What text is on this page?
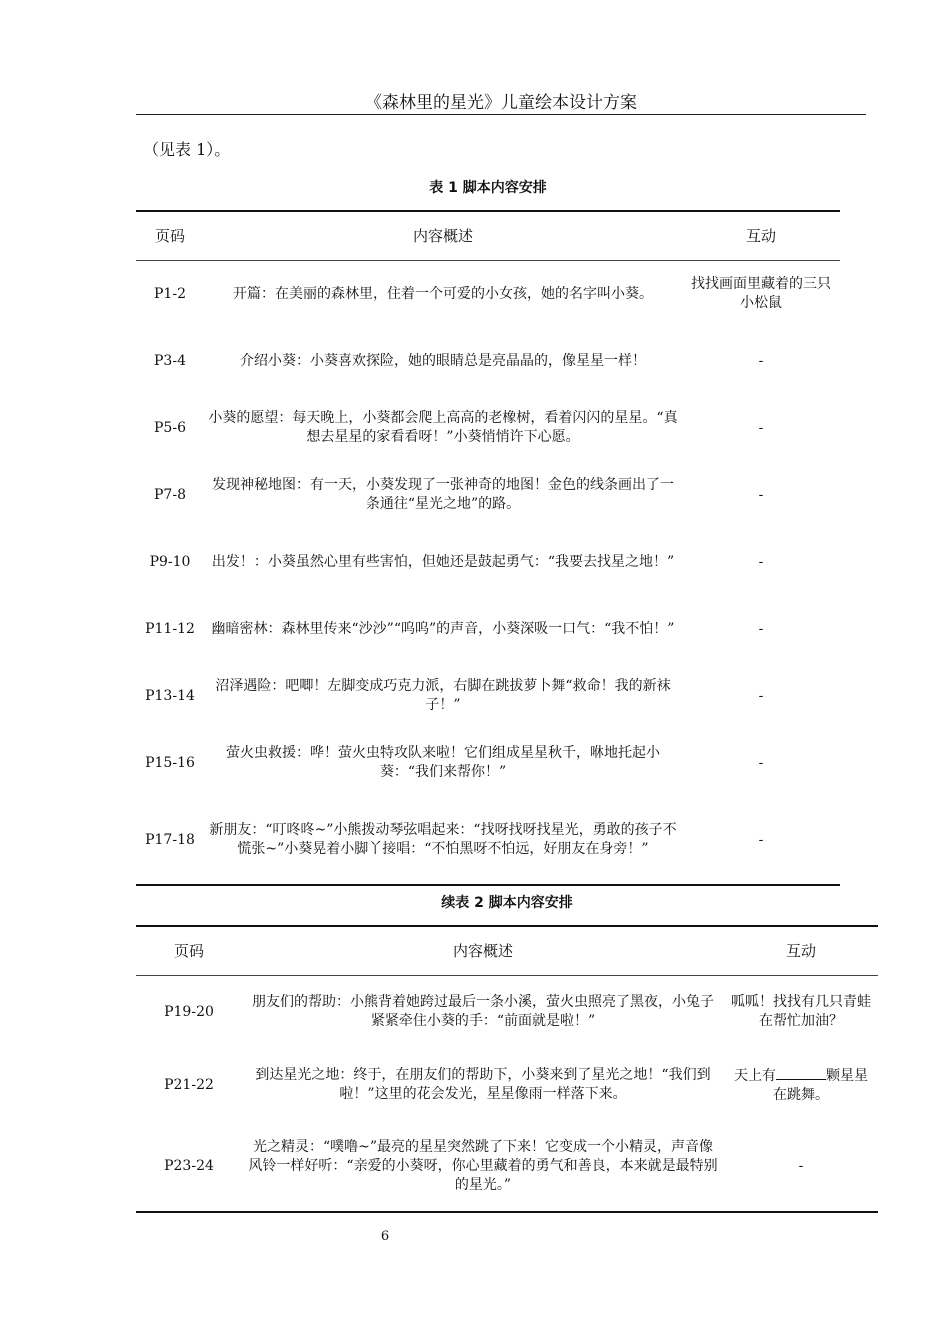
《森林里的星光》儿童绘本设计方案
（见表 1）。
表 1 脚本内容安排
页码	内容概述	互动
P1-2	开篇：在美丽的森林里，住着一个可爱的小女孩，她的名字叫小葵。	找找画面里藏着的三只小松鼠
P3-4	介绍小葵：小葵喜欢探险，她的眼睛总是亮晶晶的，像星星一样！	-
P5-6	小葵的愿望：每天晚上，小葵都会爬上高高的老橡树，看着闪闪的星星。“真想去星星的家看看呀！”小葵悄悄许下心愿。	-
P7-8	发现神秘地图：有一天，小葵发现了一张神奇的地图！金色的线条画出了一条通往“星光之地”的路。	-
P9-10	出发！：小葵虽然心里有些害怕，但她还是鼓起勇气：“我要去找星之地！”	-
P11-12	幽暗密林：森林里传来“沙沙”“呜呜”的声音，小葵深吸一口气：“我不怕！”	-
P13-14	沼泽遇险：吧唧！左脚变成巧克力派，右脚在跳拔萝卜舞“救命！我的新袜子！”	-
P15-16	萤火虫救援：哗！萤火虫特攻队来啦！它们组成星星秋千，咻地托起小葵：“我们来帮你！”	-
P17-18	新朋友：“叮咚咚~”小熊拨动琴弦唱起来：“找呀找呀找星光，勇敢的孩子不慌张~”小葵晃着小脚丫接唱：“不怕黑呀不怕远，好朋友在身旁！”	-
续表 2 脚本内容安排
页码	内容概述	互动
P19-20	朋友们的帮助：小熊背着她跨过最后一条小溪，萤火虫照亮了黑夜，小兔子紧紧牵住小葵的手：“前面就是啦！”	呱呱！找找有几只青蛙在帮忙加油？
P21-22	到达星光之地：终于，在朋友们的帮助下，小葵来到了星光之地！“我们到啦！”这里的花会发光，星星像雨一样落下来。	天上有 颗星星在跳舞。
P23-24	光之精灵：“噗噜~”最亮的星星突然跳了下来！它变成一个小精灵，声音像风铃一样好听：“亲爱的小葵呀，你心里藏着的勇气和善良，本来就是最特别的星光。”	-
6
